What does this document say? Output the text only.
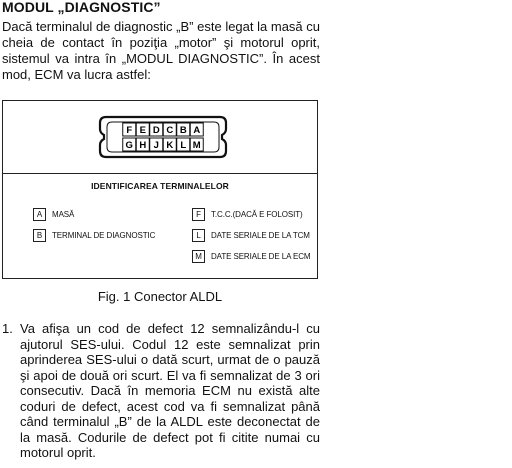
MODUL „DIAGNOSTIC”

Dacă terminalul de diagnostic „B” este legat la masă cu cheia de contact în poziţia „motor” şi motorul oprit, sistemul va intra în „MODUL DIAGNOSTIC”. În acest mod, ECM va lucra astfel:

F E D C B A
G H J K L M
IDENTIFICAREA TERMINALELOR
A	MASĂ
B	TERMINAL DE DIAGNOSTIC
F	T.C.C.(DACĂ E FOLOSIT)
L	DATE SERIALE DE LA TCM
M	DATE SERIALE DE LA ECM
Fig. 1 Conector ALDL
1. Va afişa un cod de defect 12 semnalizându-l cu ajutorul SES-ului. Codul 12 este semnalizat prin aprinderea SES-ului o dată scurt, urmat de o pauză şi apoi de două ori scurt. El va fi semnalizat de 3 ori consecutiv. Dacă în memoria ECM nu există alte coduri de defect, acest cod va fi semnalizat până când terminalul „B” de la ALDL este deconectat de la masă. Codurile de defect pot fi citite numai cu motorul oprit.
